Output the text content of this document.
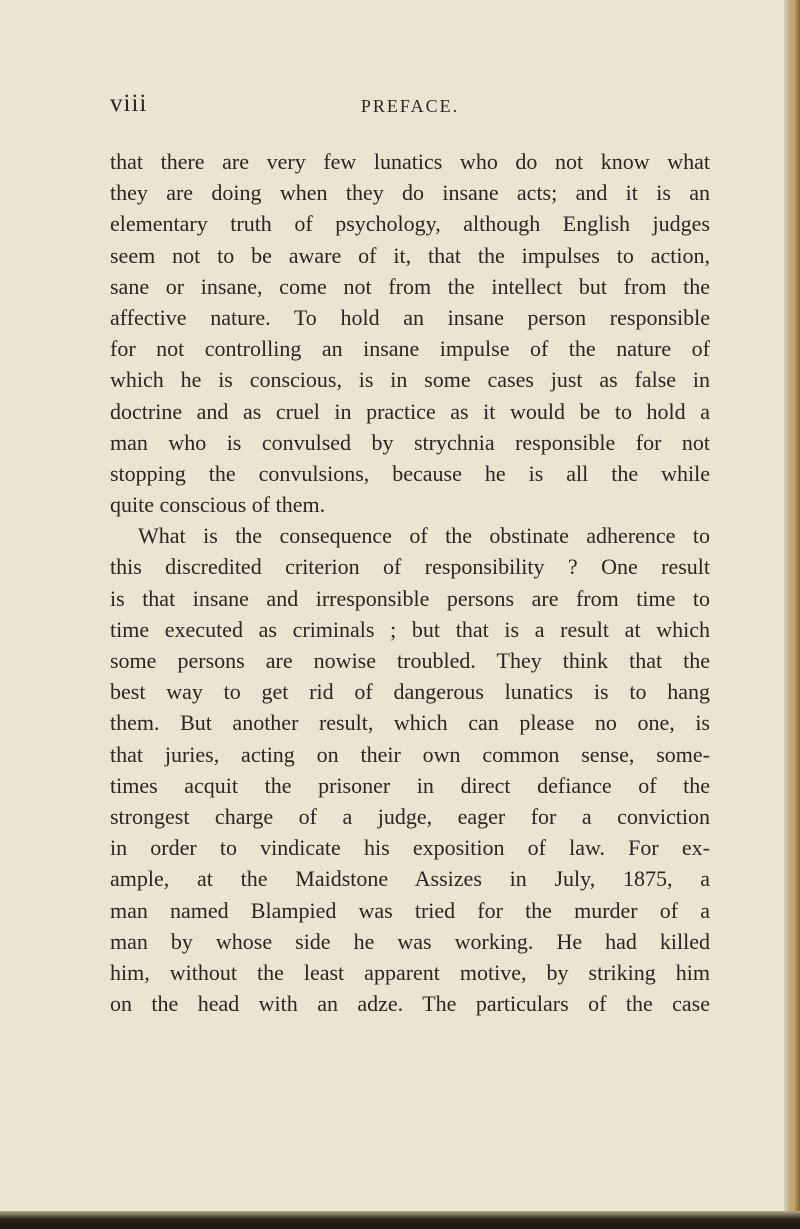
viii	PREFACE.
that there are very few lunatics who do not know what
they are doing when they do insane acts; and it is an
elementary truth of psychology, although English judges
seem not to be aware of it, that the impulses to action,
sane or insane, come not from the intellect but from the
affective nature. To hold an insane person responsible
for not controlling an insane impulse of the nature of
which he is conscious, is in some cases just as false in
doctrine and as cruel in practice as it would be to hold a
man who is convulsed by strychnia responsible for not
stopping the convulsions, because he is all the while
quite conscious of them.
What is the consequence of the obstinate adherence to
this discredited criterion of responsibility ? One result
is that insane and irresponsible persons are from time to
time executed as criminals ; but that is a result at which
some persons are nowise troubled. They think that the
best way to get rid of dangerous lunatics is to hang
them. But another result, which can please no one, is
that juries, acting on their own common sense, some-
times acquit the prisoner in direct defiance of the
strongest charge of a judge, eager for a conviction
in order to vindicate his exposition of law. For ex-
ample, at the Maidstone Assizes in July, 1875, a
man named Blampied was tried for the murder of a
man by whose side he was working. He had killed
him, without the least apparent motive, by striking him
on the head with an adze. The particulars of the case
